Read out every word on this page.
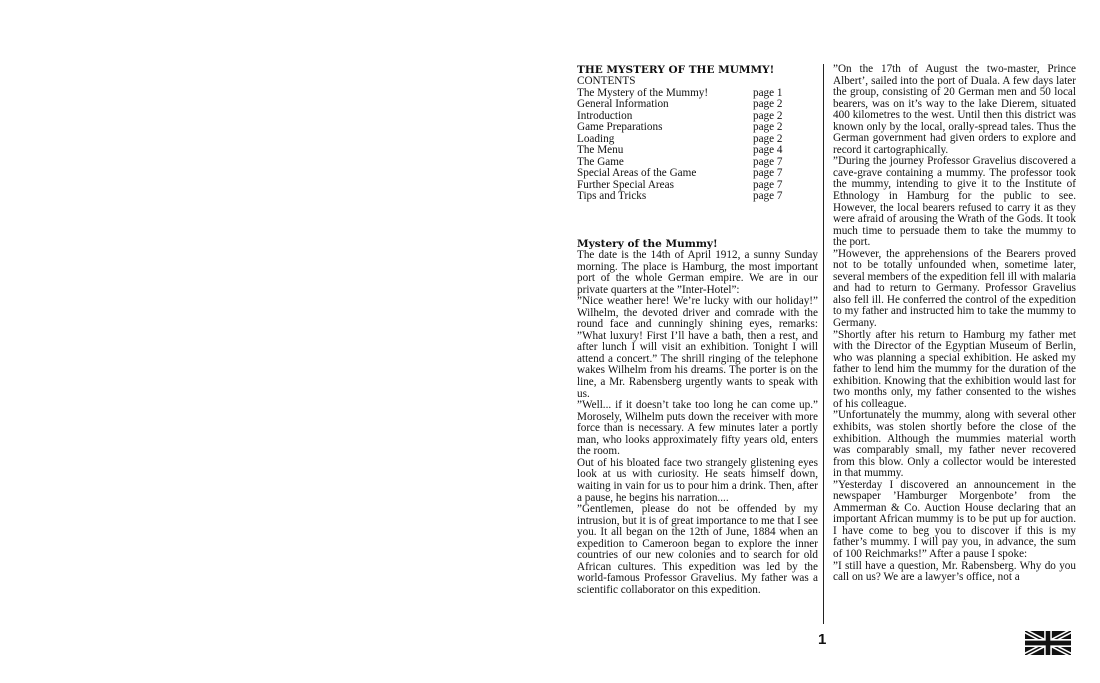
THE MYSTERY OF THE MUMMY!
CONTENTS
The Mystery of the Mummy!	page 1
General Information	page 2
Introduction	page 2
Game Preparations	page 2
Loading	page 2
The Menu	page 4
The Game	page 7
Special Areas of the Game	page 7
Further Special Areas	page 7
Tips and Tricks	page 7
Mystery of the Mummy!

The date is the 14th of April 1912, a sunny Sunday morning. The place is Hamburg, the most important port of the whole German empire. We are in our private quarters at the ”Inter-Hotel”:

”Nice weather here! We’re lucky with our holiday!” Wilhelm, the devoted driver and comrade with the round face and cunningly shining eyes, remarks: ”What luxury! First I’ll have a bath, then a rest, and after lunch I will visit an exhibition. Tonight I will attend a concert.” The shrill ringing of the telephone wakes Wilhelm from his dreams. The porter is on the line, a Mr. Rabensberg urgently wants to speak with us.

”Well... if it doesn’t take too long he can come up.” Morosely, Wilhelm puts down the receiver with more force than is necessary. A few minutes later a portly man, who looks approximately fifty years old, enters the room.

Out of his bloated face two strangely glistening eyes look at us with curiosity. He seats himself down, waiting in vain for us to pour him a drink. Then, after a pause, he begins his narration....

”Gentlemen, please do not be offended by my intrusion, but it is of great importance to me that I see you. It all began on the 12th of June, 1884 when an expedition to Cameroon began to explore the inner countries of our new colonies and to search for old African cultures. This expedition was led by the world-famous Professor Gravelius. My father was a scientific collaborator on this expedition.

”On the 17th of August the two-master, Prince Albert’, sailed into the port of Duala. A few days later the group, consisting of 20 German men and 50 local bearers, was on it’s way to the lake Dierem, situated 400 kilometres to the west. Until then this district was known only by the local, orally-spread tales. Thus the German government had given orders to explore and record it cartographically.

”During the journey Professor Gravelius discovered a cave-grave containing a mummy. The professor took the mummy, intending to give it to the Institute of Ethnology in Hamburg for the public to see. However, the local bearers refused to carry it as they were afraid of arousing the Wrath of the Gods. It took much time to persuade them to take the mummy to the port.

”However, the apprehensions of the Bearers proved not to be totally unfounded when, sometime later, several members of the expedition fell ill with malaria and had to return to Germany. Professor Gravelius also fell ill. He conferred the control of the expedition to my father and instructed him to take the mummy to Germany.

”Shortly after his return to Hamburg my father met with the Director of the Egyptian Museum of Berlin, who was planning a special exhibition. He asked my father to lend him the mummy for the duration of the exhibition. Knowing that the exhibition would last for two months only, my father consented to the wishes of his colleague.

”Unfortunately the mummy, along with several other exhibits, was stolen shortly before the close of the exhibition. Although the mummies material worth was comparably small, my father never recovered from this blow. Only a collector would be interested in that mummy.

”Yesterday I discovered an announcement in the newspaper ’Hamburger Morgenbote’ from the Ammerman & Co. Auction House declaring that an important African mummy is to be put up for auction. I have come to beg you to discover if this is my father’s mummy. I will pay you, in advance, the sum of 100 Reichmarks!” After a pause I spoke:

”I still have a question, Mr. Rabensberg. Why do you call on us? We are a lawyer’s office, not a

1
